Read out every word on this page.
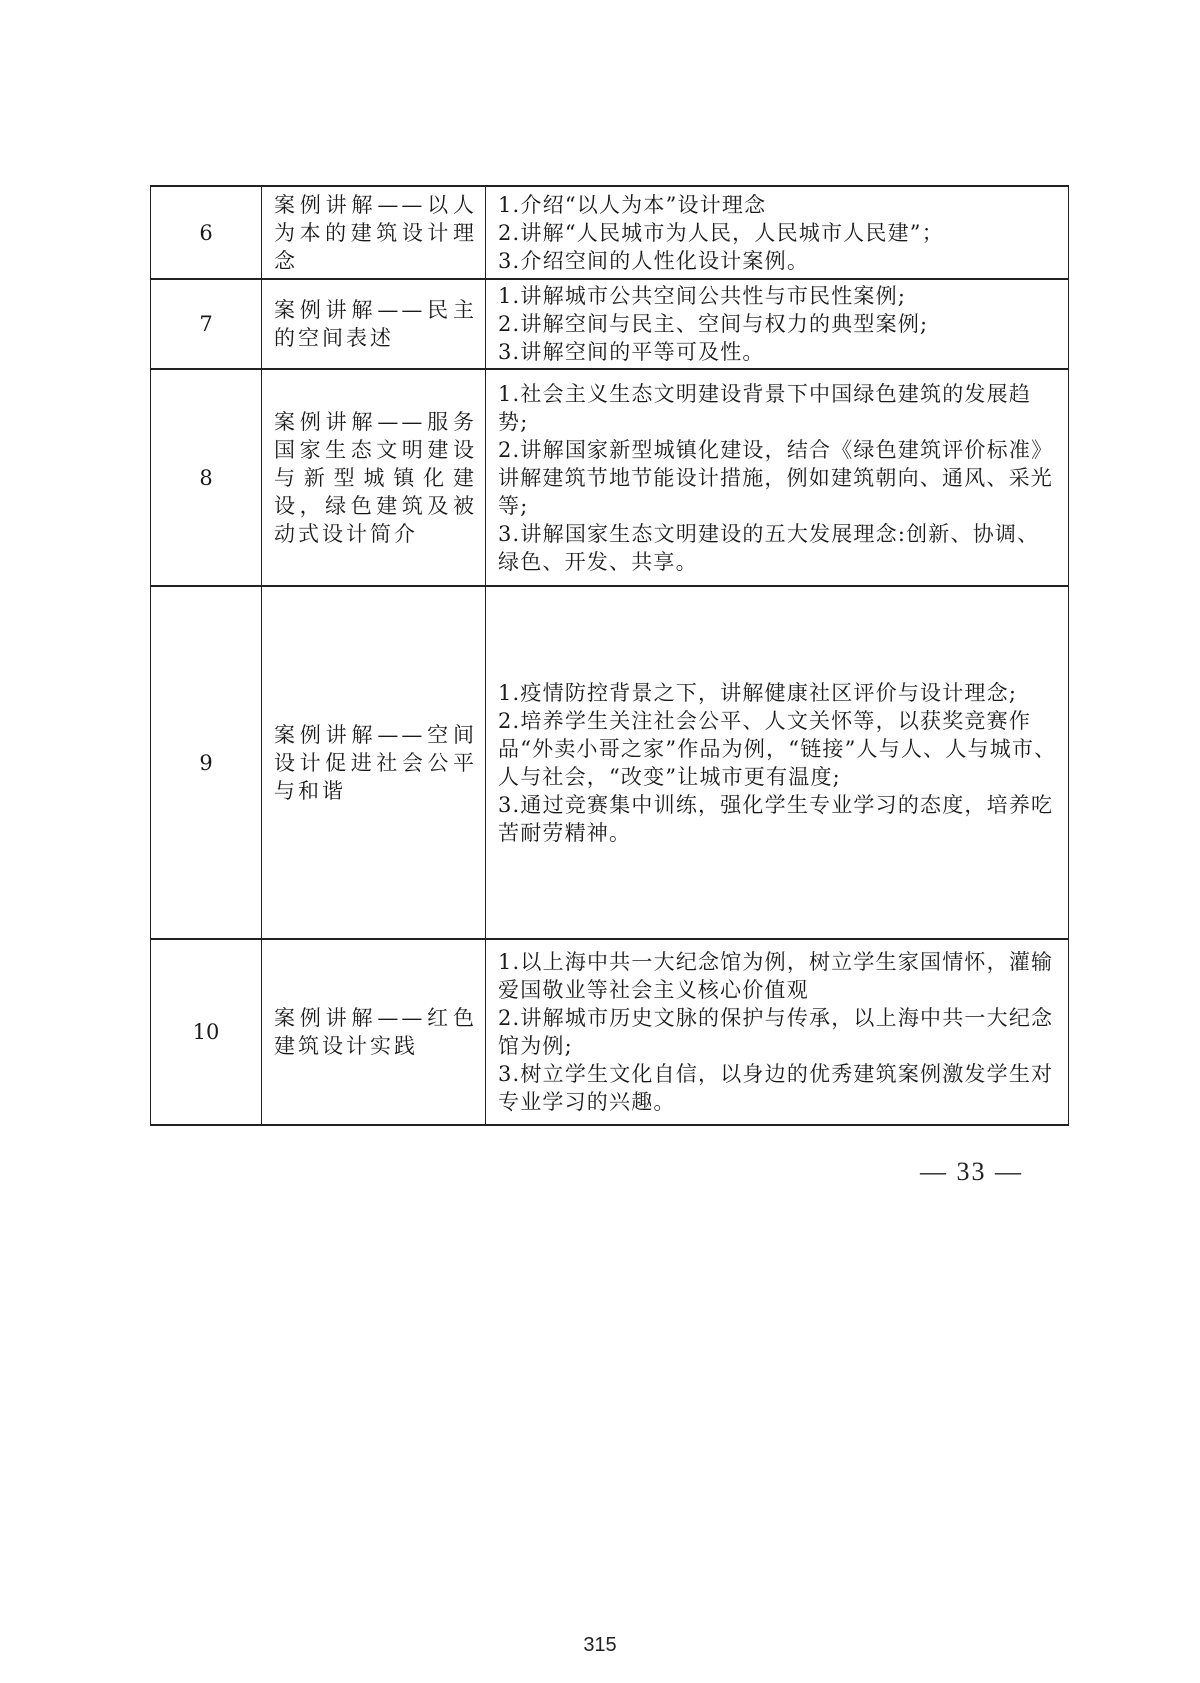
6	案例讲解——以人为本的建筑设计理念	1.介绍“以人为本”设计理念
2.讲解“人民城市为人民，人民城市人民建”；
3.介绍空间的人性化设计案例。

7	案例讲解——民主的空间表述	1.讲解城市公共空间公共性与市民性案例;
2.讲解空间与民主、空间与权力的典型案例;
3.讲解空间的平等可及性。

8	案例讲解——服务国家生态文明建设与新型城镇化建设，绿色建筑及被动式设计简介	1.社会主义生态文明建设背景下中国绿色建筑的发展趋势;
2.讲解国家新型城镇化建设，结合《绿色建筑评价标准》讲解建筑节地节能设计措施，例如建筑朝向、通风、采光等;
3.讲解国家生态文明建设的五大发展理念:创新、协调、绿色、开发、共享。

9	案例讲解——空间设计促进社会公平与和谐	1.疫情防控背景之下，讲解健康社区评价与设计理念;
2.培养学生关注社会公平、人文关怀等，以获奖竞赛作品“外卖小哥之家”作品为例，“链接”人与人、人与城市、人与社会，“改变”让城市更有温度;
3.通过竞赛集中训练，强化学生专业学习的态度，培养吃苦耐劳精神。

10	案例讲解——红色建筑设计实践	1.以上海中共一大纪念馆为例，树立学生家国情怀，灌输爱国敬业等社会主义核心价值观
2.讲解城市历史文脉的保护与传承，以上海中共一大纪念馆为例;
3.树立学生文化自信，以身边的优秀建筑案例激发学生对专业学习的兴趣。
— 33 —
315
